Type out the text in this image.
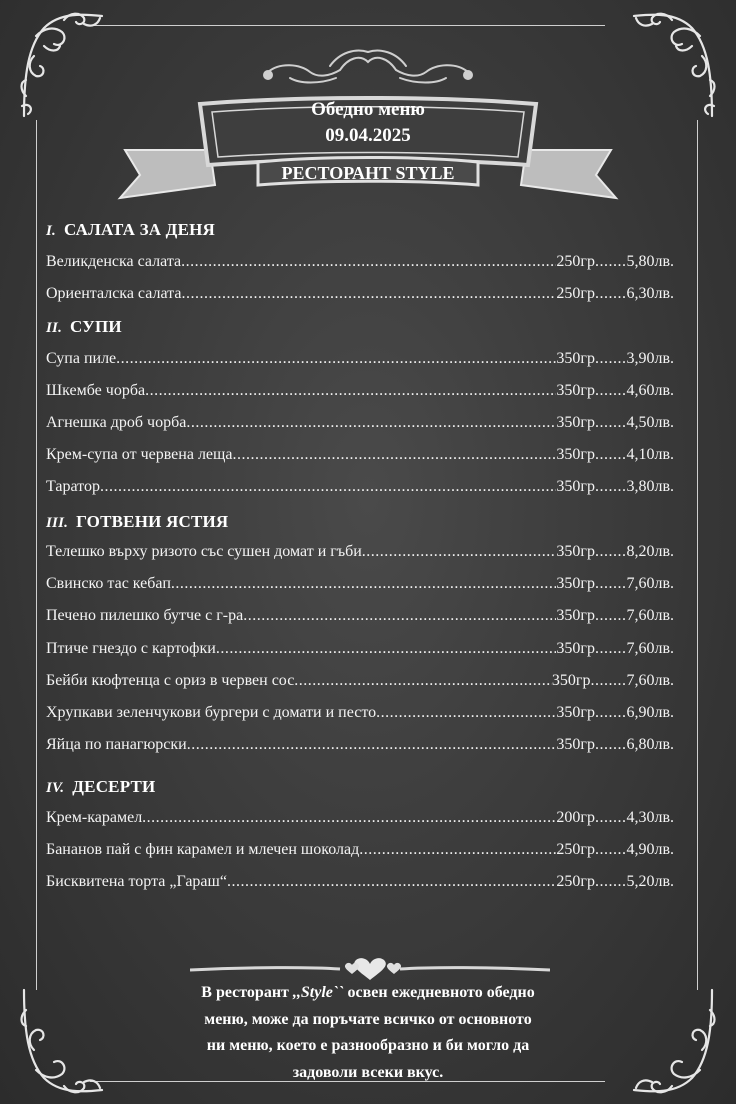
Обедно меню
09.04.2025
РЕСТОРАНТ STYLE
I. САЛАТА ЗА ДЕНЯ
Великденска салата .....	250гр ....... 5,80лв.
Ориенталска салата .....	250гр ....... 6,30лв.
II. СУПИ
Супа пиле .....	350гр ....... 3,90лв.
Шкембе чорба .....	350гр ....... 4,60лв.
Агнешка дроб чорба .....	350гр ....... 4,50лв.
Крем-супа от червена леща .....	350гр ....... 4,10лв.
Таратор .....	350гр ....... 3,80лв.
III. ГОТВЕНИ ЯСТИЯ
Телешко върху ризото със сушен домат и гъби .....	350гр ....... 8,20лв.
Свинско тас кебап .....	350гр ....... 7,60лв.
Печено пилешко бутче с г-ра .....	350гр ....... 7,60лв.
Птиче гнездо с картофки .....	350гр ....... 7,60лв.
Бейби кюфтенца с ориз в червен сос .....	350гр ........ 7,60лв.
Хрупкави зеленчукови бургери с домати и песто .....	350гр ....... 6,90лв.
Яйца по панагюрски .....	350гр ....... 6,80лв.
IV. ДЕСЕРТИ
Крем-карамел .....	200гр ....... 4,30лв.
Бананов пай с фин карамел и млечен шоколад .....	250гр ....... 4,90лв.
Бисквитена торта „Гараш“ .....	250гр ....... 5,20лв.
В ресторант ,,Style`` освен ежедневното обедно
меню, може да поръчате всичко от основното
ни меню, което е разнообразно и би могло да
задоволи всеки вкус.
